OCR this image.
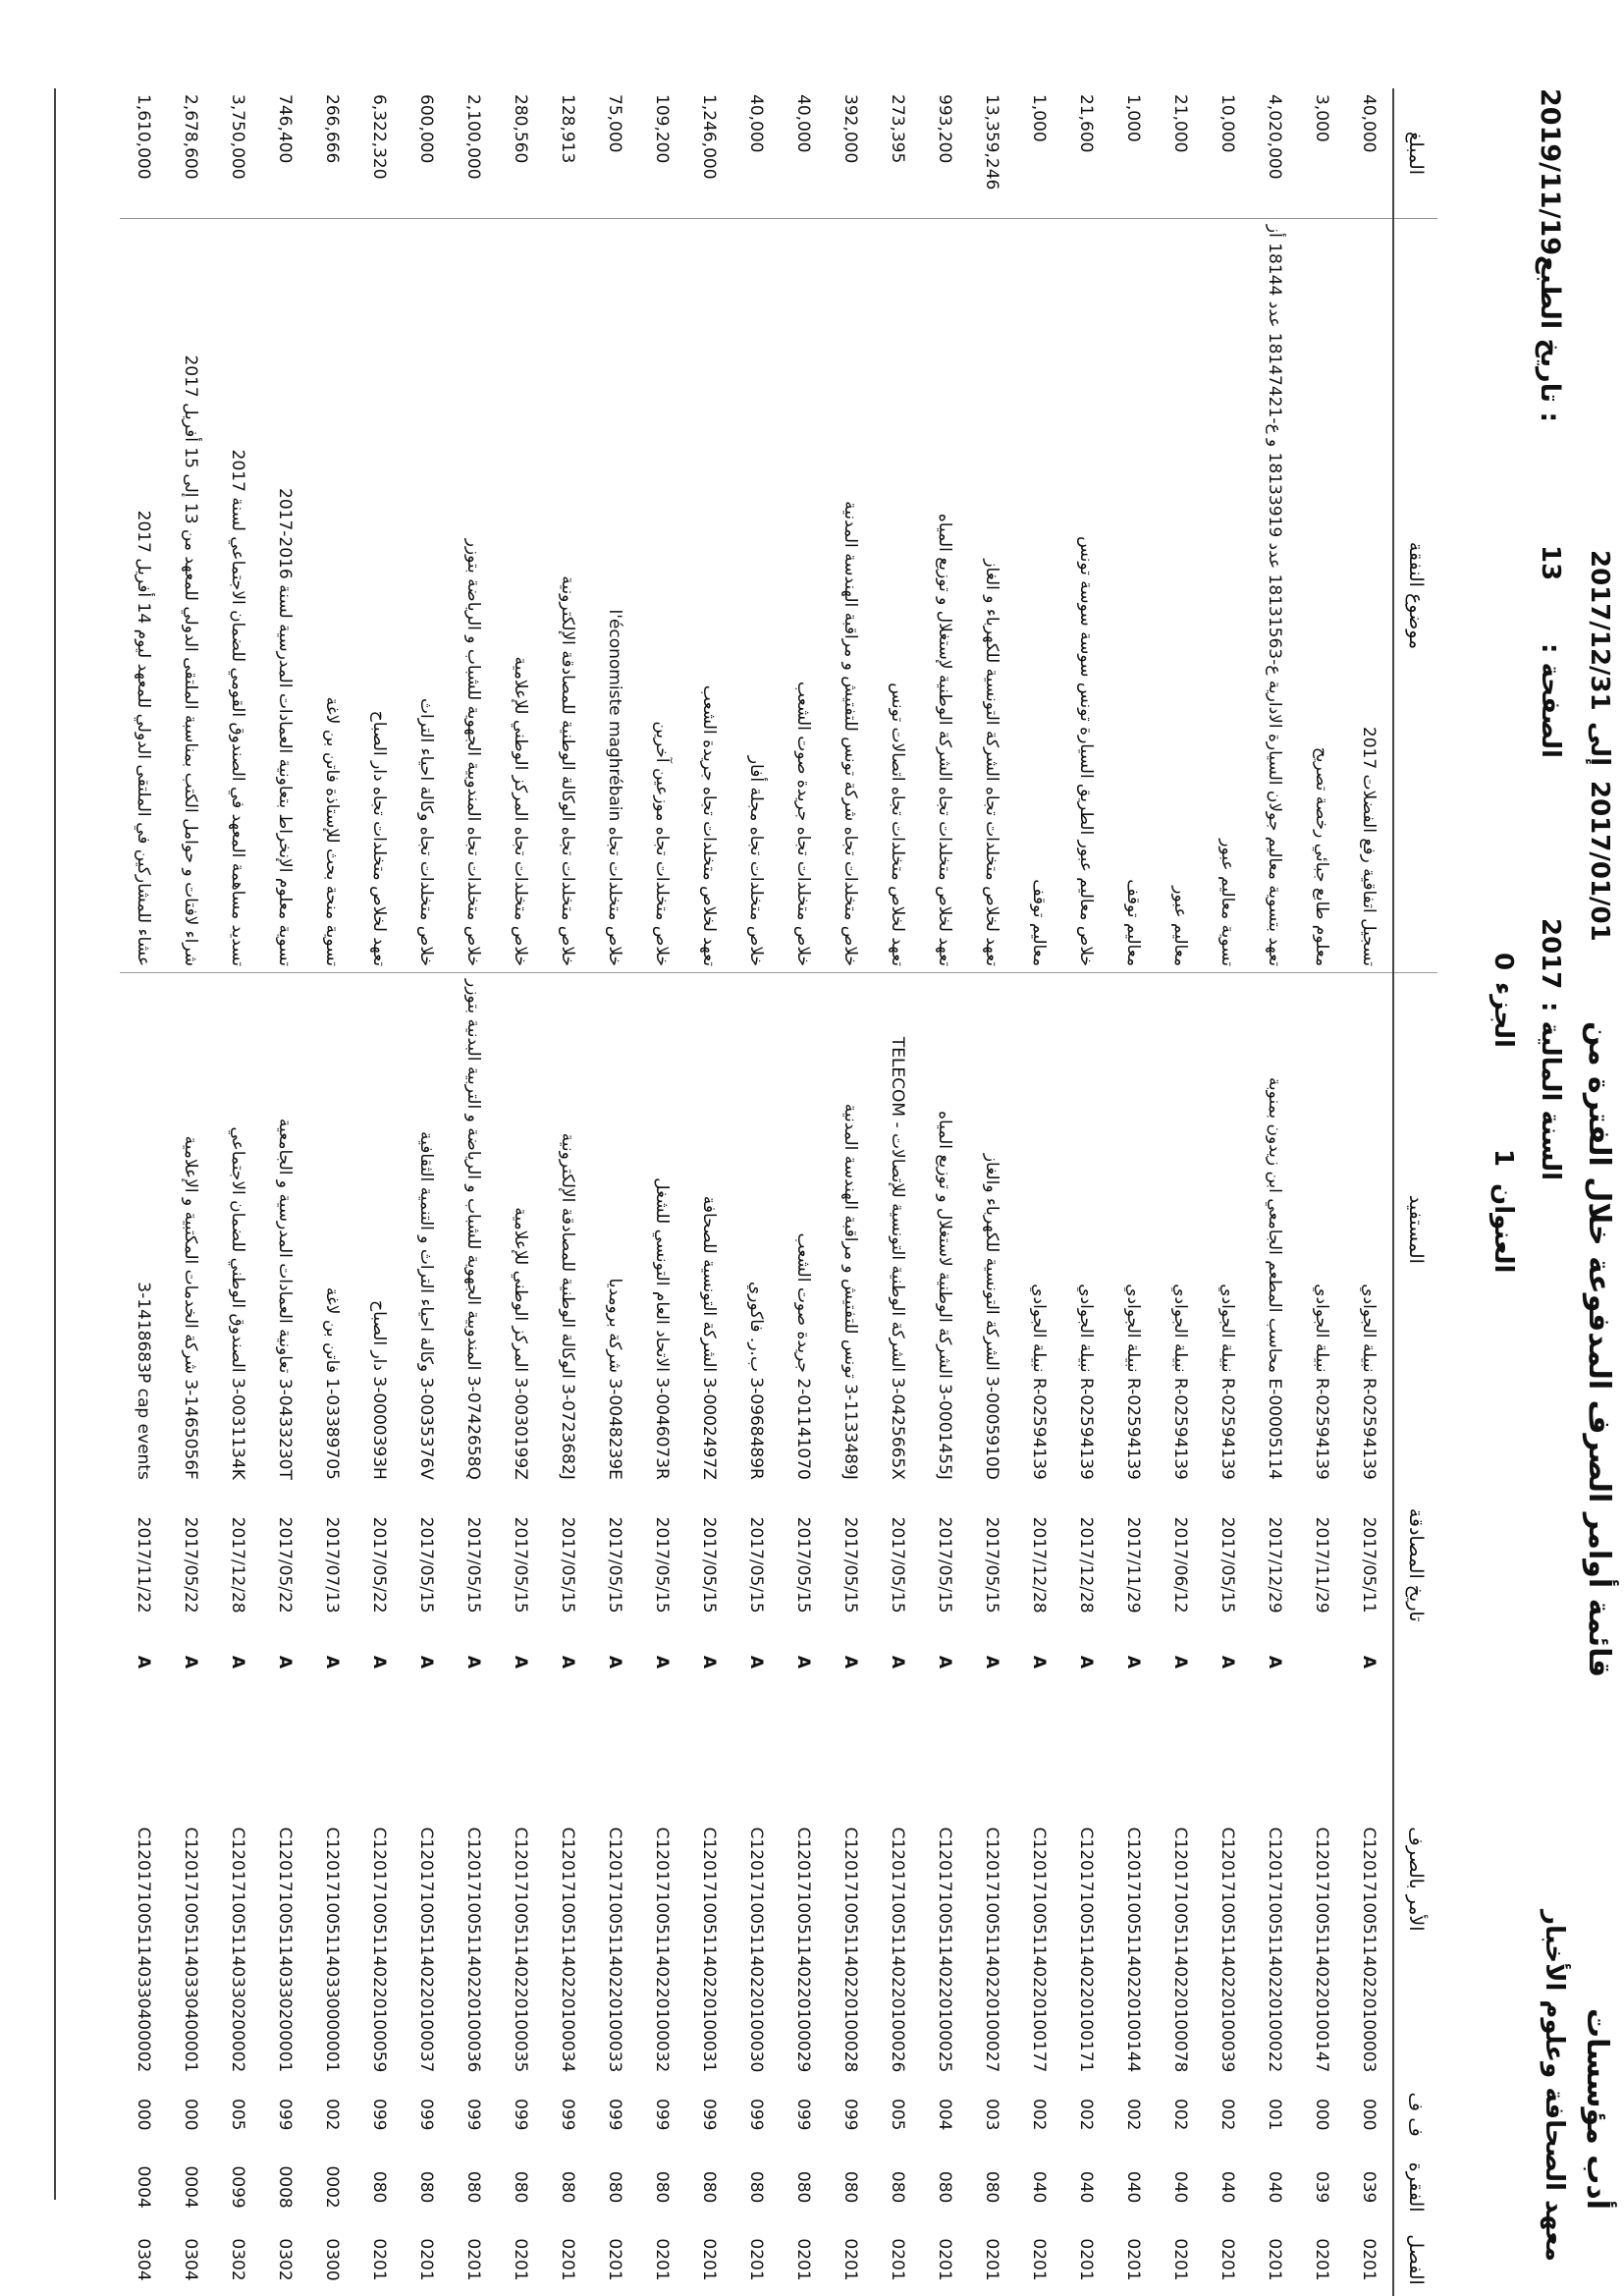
أدب مؤسسات
معهد الصحافة وعلوم الأخبار
قائمة أوامر الصرف المدفوعة خلال الفترة من
2017/01/01
إلى
2017/12/31
السنة المالية :
2017
الصفحة :
13
تاريخ الطبع :
2019/11/19
العنوان
1
الجزء
0
الفصل	الفقرة	ف ف	الأمر بالصرف		تاريخ المصادقة	المستفيد	موضوع النفقة	المبلغ
0201	039	000	C1201710051140220100003	A	2017/05/11	R-02594139 نبيلة الجوادي	تسجيل اتفاقية رفع الفضلات 2017	40,000
0201	039	000	C1201710051140220100147		2017/11/29	R-02594139 نبيلة الجوادي	معلوم طابع جبائي رخصة تصريح	3,000
0201	040	001	C1201710051140220100022	A	2017/12/29	E-00005114 محاسب المطعم الجامعي ابن زيدون بمنوبة	تعهد بتسوية معاليم جولان السيارة الادارية ع-18131563 عدد 18133919 و ع-18147421 عدد 18144 أز	4,020,000
0201	040	002	C1201710051140220100039	A	2017/05/15	R-02594139 نبيلة الجوادي	تسوية معاليم عبور	10,000
0201	040	002	C1201710051140220100078	A	2017/06/12	R-02594139 نبيلة الجوادي	معاليم عبور	21,000
0201	040	002	C1201710051140220100144	A	2017/11/29	R-02594139 نبيلة الجوادي	معاليم توقف	1,000
0201	040	002	C1201710051140220100171	A	2017/12/28	R-02594139 نبيلة الجوادي	خلاص معاليم عبور الطريق السيارة تونس سوسة سوسة تونس	21,600
0201	040	002	C1201710051140220100177	A	2017/12/28	R-02594139 نبيلة الجوادي	معاليم توقف	1,000
0201	080	003	C1201710051140220100027	A	2017/05/15	3-0005910D الشركة التونسية للكهرباء والغاز	تعهد لخلاص متخلدات تجاه الشركة التونسية للكهرباء و الغاز	13,359,246
0201	080	004	C1201710051140220100025	A	2017/05/15	3-0001455J الشركة الوطنية لاستغلال و توزيع المياه	تعهد لخلاص متخلدات تجاه الشركة الوطنية لإستغلال و توزيع المياه	993,200
0201	080	005	C1201710051140220100026	A	2017/05/15	3-0425665X الشركة الوطنية التونسية للإتصالات - TELECOM	تعهد لخلاص متخلدات تجاه اتصالات تونس	273,395
0201	080	099	C1201710051140220100028	A	2017/05/15	3-1133489J تونس للتفتيش و مراقبة الهندسة المدنية	خلاص متخلدات تجاه شركة تونس للتفتيش و مراقبة الهندسة المدنية	392,000
0201	080	099	C1201710051140220100029	A	2017/05/15	2-01141070 جريدة صوت الشعب	خلاص متخلدات تجاه جريدة صوت الشعب	40,000
0201	080	099	C1201710051140220100030	A	2017/05/15	3-0968489R ب.ر. فاكوري	خلاص متخلدات تجاه مجلة أفار	40,000
0201	080	099	C1201710051140220100031	A	2017/05/15	3-0002497Z الشركة التونسية للصحافة	تعهد لخلاص متخلدات تجاه جريدة الشعب	1,246,000
0201	080	099	C1201710051140220100032	A	2017/05/15	3-0046073R الاتحاد العام التونسي للشغل	خلاص متخلدات تجاه موزعين آخرين	109,200
0201	080	099	C1201710051140220100033	A	2017/05/15	3-0048239E شركة برومديا	خلاص متخلدات تجاه l'économiste maghrébain	75,000
0201	080	099	C1201710051140220100034	A	2017/05/15	3-0723682J الوكالة الوطنية للمصادقة الإلكترونية	خلاص متخلدات تجاه الوكالة الوطنية للمصادقة الإلكترونية	128,913
0201	080	099	C1201710051140220100035	A	2017/05/15	3-0030199Z المركز الوطني للإعلامية	خلاص متخلدات تجاه المركز الوطني للإعلامية	280,560
0201	080	099	C1201710051140220100036	A	2017/05/15	3-0742658Q المندوبية الجهوية للشباب و الرياضة و التربية البدنية بتوزر	خلاص متخلدات تجاه المندوبية الجهوية للشباب و الرياضة بتوزر	2,100,000
0201	080	099	C1201710051140220100037	A	2017/05/15	3-0035376V وكالة احياء التراث و التنمية الثقافية	خلاص متخلدات تجاه وكالة احياء التراث	600,000
0201	080	099	C1201710051140220100059	A	2017/05/22	3-0000393H دار الصباح	تعهد لخلاص متخلدات تجاه دار الصباح	6,322,320
0300	0002	002	C1201710051140330000001	A	2017/07/13	1-03389705 فاتن بن لاغة	تسوية منحة بحث للإستاذة فاتن بن لاغة	266,666
0302	0008	099	C1201710051140330200001	A	2017/05/22	3-0433230T تعاونية العمادات المدرسية و الجامعية	تسوية معلوم الإنخراط بتعاونية العمادات المدرسية لسنة 2016-2017	746,400
0302	0099	005	C1201710051140330200002	A	2017/12/28	3-0031134K الصندوق الوطني للضمان الاجتماعي	تسديد مساهمة المعهد في الصندوق القومي للضمان الاجتماعي لسنة 2017	3,750,000
0304	0004	000	C1201710051140330400001	A	2017/05/22	3-1465056F شركة الخدمات المكتبية و الإعلامية	شراء لافتات و حوامل الكتب بمناسبة الملتقى الدولي للمعهد من 13 إلى 15 أفريل 2017	2,678,600
0304	0004	000	C1201710051140330400002	A	2017/11/22	3-1418683P cap events	عشاء للمشاركين في الملتقى الدولي للمعهد ليوم 14 أفريل 2017	1,610,000
